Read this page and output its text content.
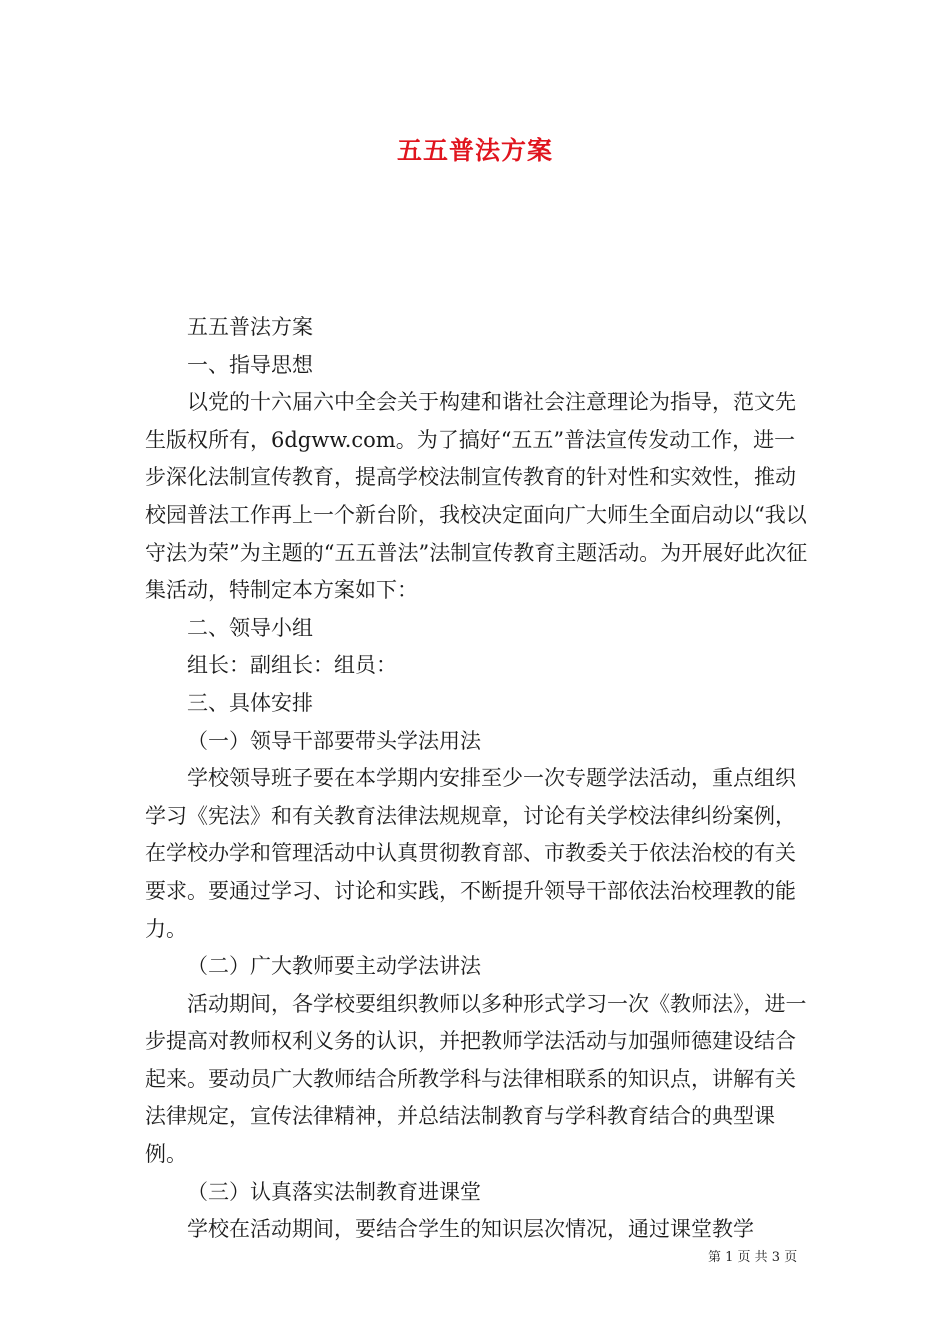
五五普法方案

五五普法方案

一、指导思想

以党的十六届六中全会关于构建和谐社会注意理论为指导，范文先生版权所有，6dgww.com。为了搞好“五五”普法宣传发动工作，进一步深化法制宣传教育，提高学校法制宣传教育的针对性和实效性，推动校园普法工作再上一个新台阶，我校决定面向广大师生全面启动以“我以守法为荣”为主题的“五五普法”法制宣传教育主题活动。为开展好此次征集活动，特制定本方案如下：

二、领导小组

组长：副组长：组员：

三、具体安排

（一）领导干部要带头学法用法

学校领导班子要在本学期内安排至少一次专题学法活动，重点组织学习《宪法》和有关教育法律法规规章，讨论有关学校法律纠纷案例，在学校办学和管理活动中认真贯彻教育部、市教委关于依法治校的有关要求。要通过学习、讨论和实践，不断提升领导干部依法治校理教的能力。

（二）广大教师要主动学法讲法

活动期间，各学校要组织教师以多种形式学习一次《教师法》，进一步提高对教师权利义务的认识，并把教师学法活动与加强师德建设结合起来。要动员广大教师结合所教学科与法律相联系的知识点，讲解有关法律规定，宣传法律精神，并总结法制教育与学科教育结合的典型课例。

（三）认真落实法制教育进课堂

学校在活动期间，要结合学生的知识层次情况，通过课堂教学

第 1 页 共 3 页
